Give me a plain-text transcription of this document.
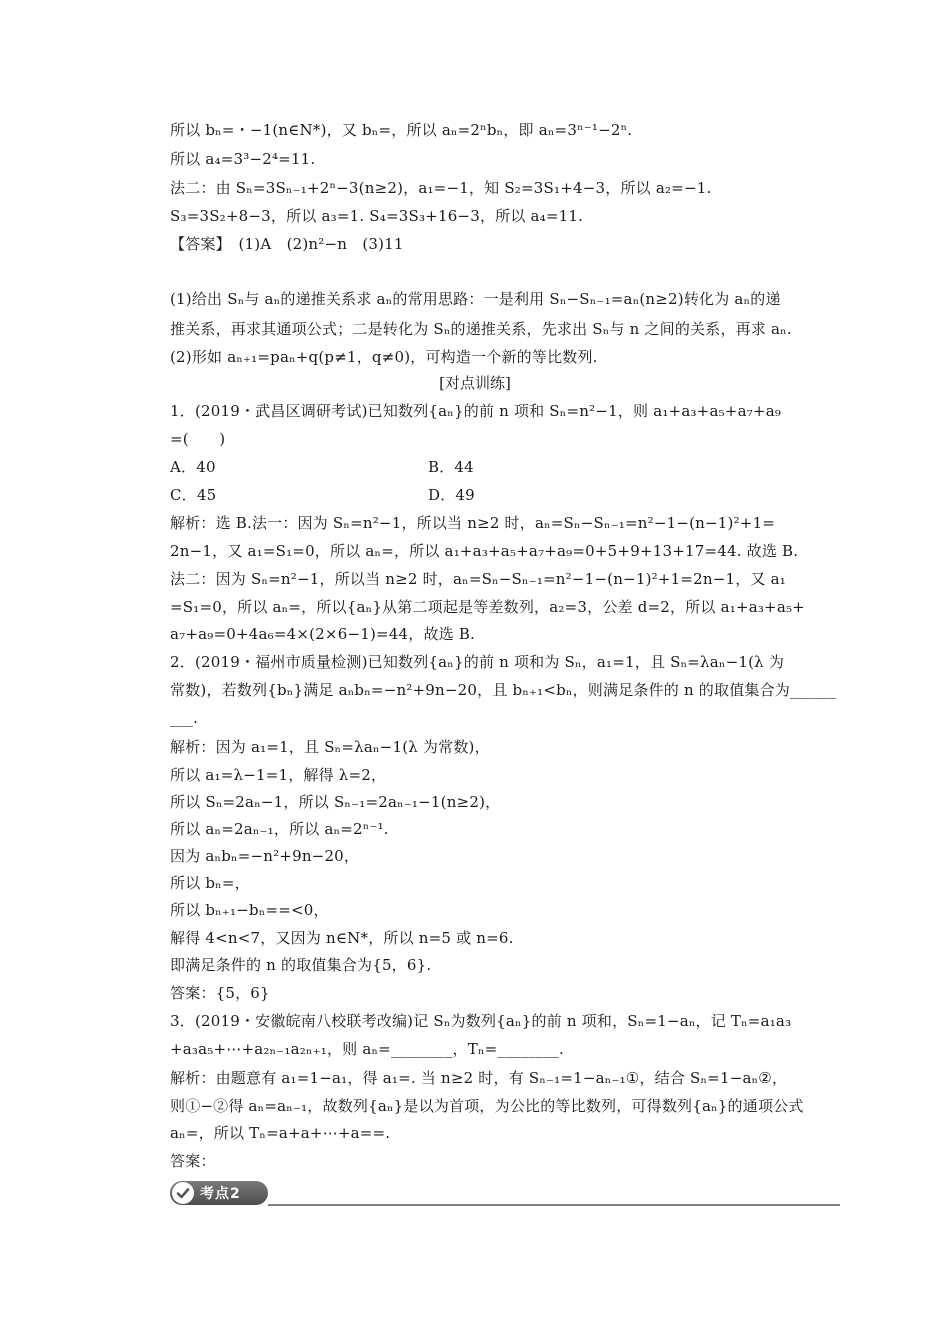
所以 bₙ=・−1(n∈N*)，又 bₙ=，所以 aₙ=2ⁿbₙ，即 aₙ=3ⁿ⁻¹−2ⁿ.
所以 a₄=3³−2⁴=11.
法二：由 Sₙ=3Sₙ₋₁+2ⁿ−3(n≥2)，a₁=−1，知 S₂=3S₁+4−3，所以 a₂=−1.
S₃=3S₂+8−3，所以 a₃=1. S₄=3S₃+16−3，所以 a₄=11.
【答案】　(1)A　(2)n²−n　(3)11
(1)给出 Sₙ与 aₙ的递推关系求 aₙ的常用思路：一是利用 Sₙ−Sₙ₋₁=aₙ(n≥2)转化为 aₙ的递
推关系，再求其通项公式；二是转化为 Sₙ的递推关系，先求出 Sₙ与 n 之间的关系，再求 aₙ.
(2)形如 aₙ₊₁=paₙ+q(p≠1，q≠0)，可构造一个新的等比数列.
[对点训练]
1．(2019・武昌区调研考试)已知数列{aₙ}的前 n 项和 Sₙ=n²−1，则 a₁+a₃+a₅+a₇+a₉
=(　　)
A．40	B．44
C．45	D．49
解析：选 B.法一：因为 Sₙ=n²−1，所以当 n≥2 时，aₙ=Sₙ−Sₙ₋₁=n²−1−(n−1)²+1=
2n−1，又 a₁=S₁=0，所以 aₙ=，所以 a₁+a₃+a₅+a₇+a₉=0+5+9+13+17=44. 故选 B.
法二：因为 Sₙ=n²−1，所以当 n≥2 时，aₙ=Sₙ−Sₙ₋₁=n²−1−(n−1)²+1=2n−1，又 a₁
=S₁=0，所以 aₙ=，所以{aₙ}从第二项起是等差数列，a₂=3，公差 d=2，所以 a₁+a₃+a₅+
a₇+a₉=0+4a₆=4×(2×6−1)=44，故选 B.
2．(2019・福州市质量检测)已知数列{aₙ}的前 n 项和为 Sₙ，a₁=1，且 Sₙ=λaₙ−1(λ 为
常数)，若数列{bₙ}满足 aₙbₙ=−n²+9n−20，且 bₙ₊₁<bₙ，则满足条件的 n 的取值集合为______
___.
解析：因为 a₁=1，且 Sₙ=λaₙ−1(λ 为常数)，
所以 a₁=λ−1=1，解得 λ=2，
所以 Sₙ=2aₙ−1，所以 Sₙ₋₁=2aₙ₋₁−1(n≥2)，
所以 aₙ=2aₙ₋₁，所以 aₙ=2ⁿ⁻¹.
因为 aₙbₙ=−n²+9n−20，
所以 bₙ=，
所以 bₙ₊₁−bₙ==<0，
解得 4<n<7，又因为 n∈N*，所以 n=5 或 n=6.
即满足条件的 n 的取值集合为{5，6}.
答案：{5，6}
3．(2019・安徽皖南八校联考改编)记 Sₙ为数列{aₙ}的前 n 项和，Sₙ=1−aₙ，记 Tₙ=a₁a₃
+a₃a₅+⋯+a₂ₙ₋₁a₂ₙ₊₁，则 aₙ=________，Tₙ=________.
解析：由题意有 a₁=1−a₁，得 a₁=. 当 n≥2 时，有 Sₙ₋₁=1−aₙ₋₁①，结合 Sₙ=1−aₙ②，
则①−②得 aₙ=aₙ₋₁，故数列{aₙ}是以为首项，为公比的等比数列，可得数列{aₙ}的通项公式
aₙ=，所以 Tₙ=a+a+⋯+a==.
答案：
考点2
